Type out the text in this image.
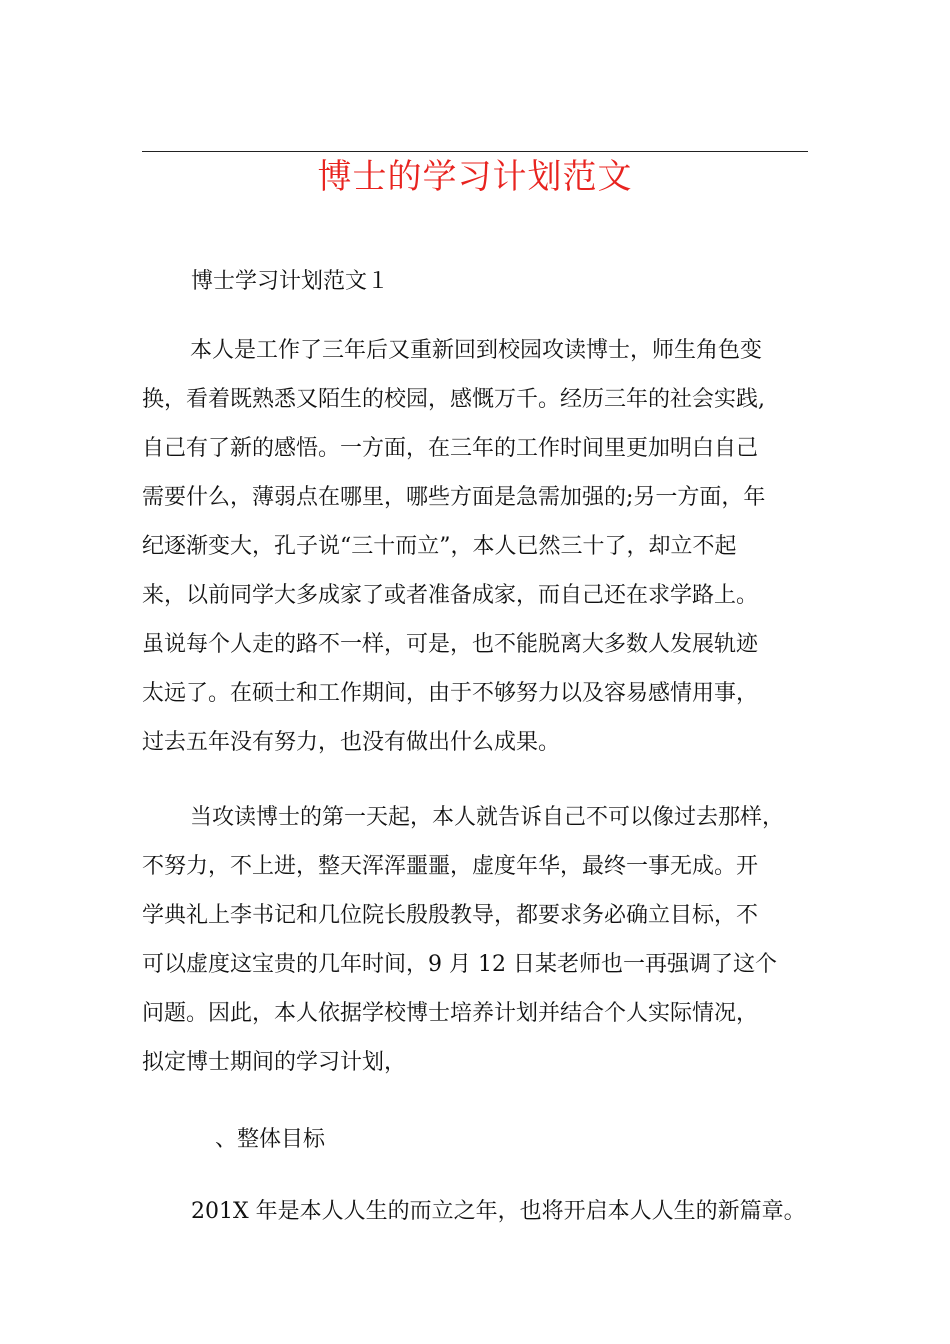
博士的学习计划范文
博士学习计划范文１
本人是工作了三年后又重新回到校园攻读博士，师生角色变
换，看着既熟悉又陌生的校园，感慨万千。经历三年的社会实践,
自己有了新的感悟。一方面，在三年的工作时间里更加明白自己
需要什么，薄弱点在哪里，哪些方面是急需加强的;另一方面，年
纪逐渐变大，孔子说“三十而立”，本人已然三十了，却立不起
来，以前同学大多成家了或者准备成家，而自己还在求学路上。
虽说每个人走的路不一样，可是，也不能脱离大多数人发展轨迹
太远了。在硕士和工作期间，由于不够努力以及容易感情用事，
过去五年没有努力，也没有做出什么成果。
当攻读博士的第一天起，本人就告诉自己不可以像过去那样，
不努力，不上进，整天浑浑噩噩，虚度年华，最终一事无成。开
学典礼上李书记和几位院长殷殷教导，都要求务必确立目标，不
可以虚度这宝贵的几年时间，9 月 12 日某老师也一再强调了这个
问题。因此，本人依据学校博士培养计划并结合个人实际情况，
拟定博士期间的学习计划，
、整体目标
201X 年是本人人生的而立之年，也将开启本人人生的新篇章。
